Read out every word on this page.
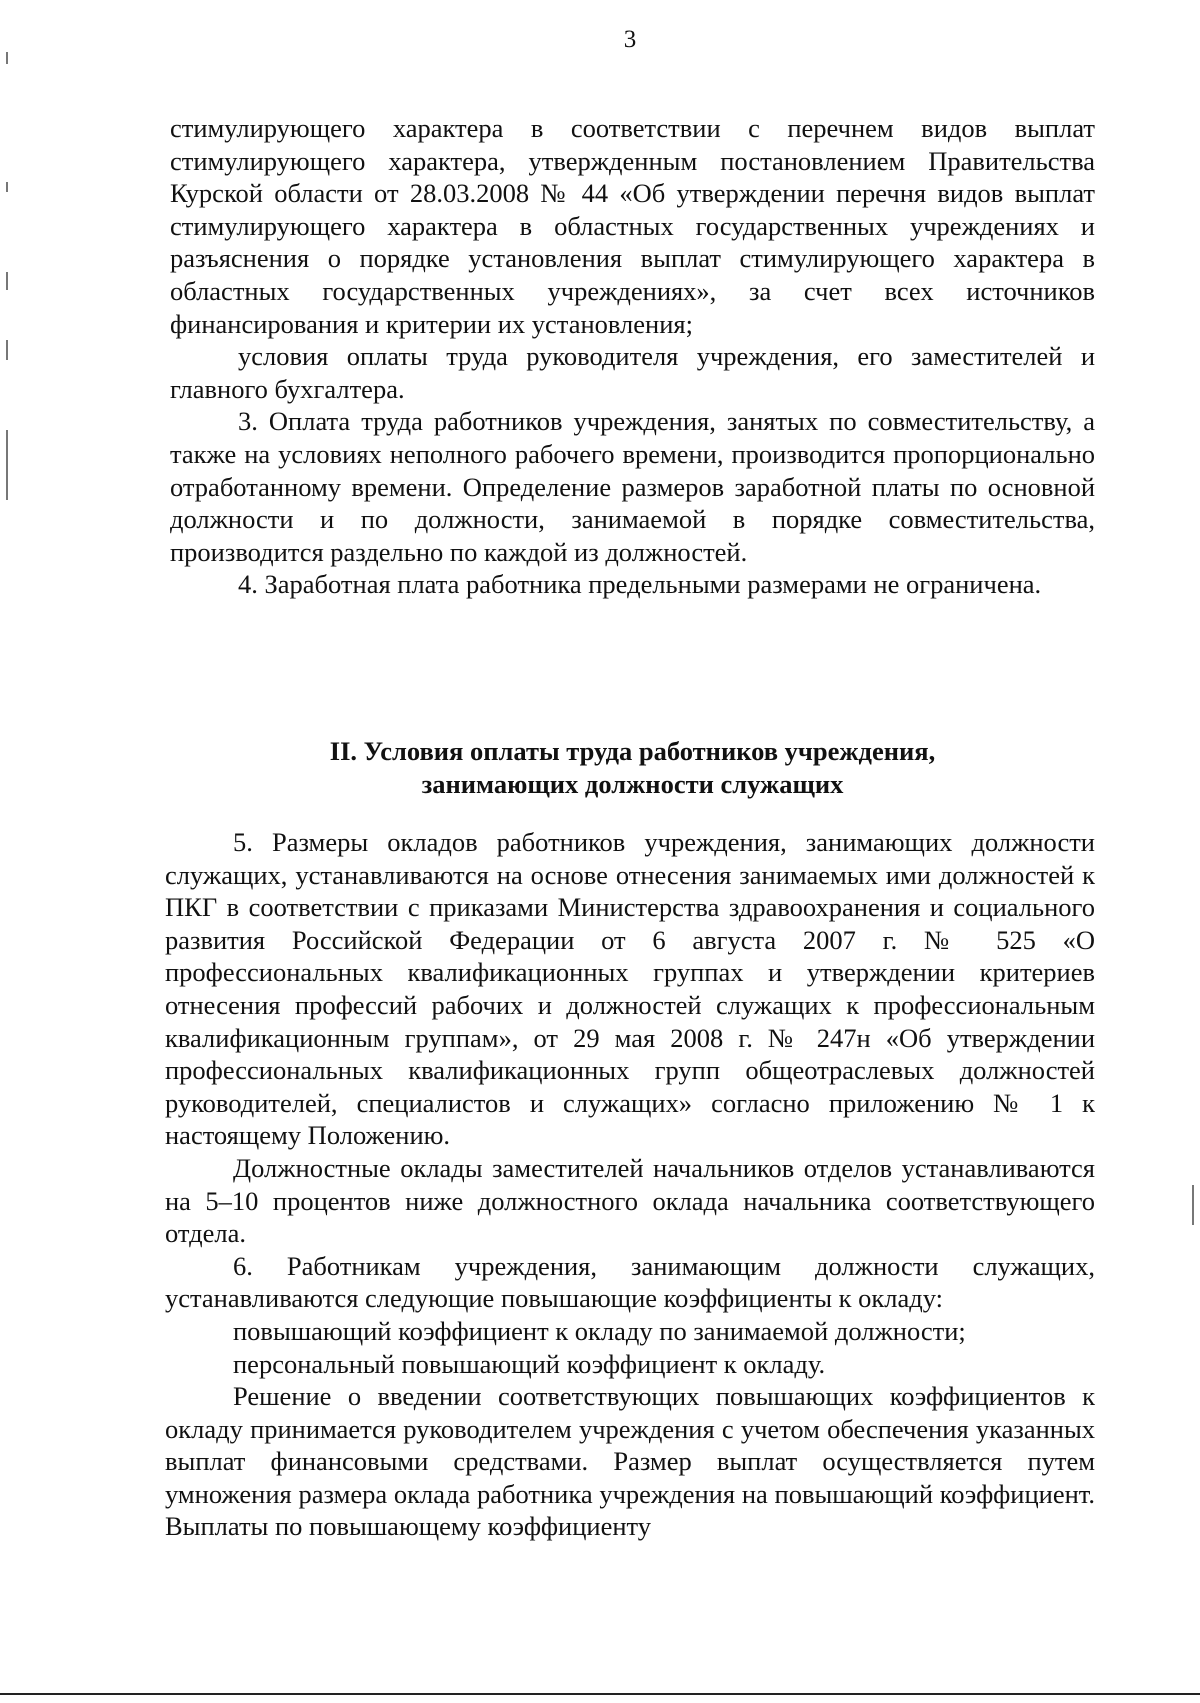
3

стимулирующего характера в соответствии с перечнем видов выплат стимулирующего характера, утвержденным постановлением Правительства Курской области от 28.03.2008 № 44 «Об утверждении перечня видов выплат стимулирующего характера в областных государственных учреждениях и разъяснения о порядке установления выплат стимулирующего характера в областных государственных учреждениях», за счет всех источников финансирования и критерии их установления;

условия оплаты труда руководителя учреждения, его заместителей и главного бухгалтера.

3. Оплата труда работников учреждения, занятых по совместительству, а также на условиях неполного рабочего времени, производится пропорционально отработанному времени. Определение размеров заработной платы по основной должности и по должности, занимаемой в порядке совместительства, производится раздельно по каждой из должностей.

4. Заработная плата работника предельными размерами не ограничена.

II. Условия оплаты труда работников учреждения,
занимающих должности служащих

5. Размеры окладов работников учреждения, занимающих должности служащих, устанавливаются на основе отнесения занимаемых ими должностей к ПКГ в соответствии с приказами Министерства здравоохранения и социального развития Российской Федерации от 6 августа 2007 г. № 525 «О профессиональных квалификационных группах и утверждении критериев отнесения профессий рабочих и должностей служащих к профессиональным квалификационным группам», от 29 мая 2008 г. № 247н «Об утверждении профессиональных квалификационных групп общеотраслевых должностей руководителей, специалистов и служащих» согласно приложению № 1 к настоящему Положению.

Должностные оклады заместителей начальников отделов устанавливаются на 5–10 процентов ниже должностного оклада начальника соответствующего отдела.

6. Работникам учреждения, занимающим должности служащих, устанавливаются следующие повышающие коэффициенты к окладу:

повышающий коэффициент к окладу по занимаемой должности;

персональный повышающий коэффициент к окладу.

Решение о введении соответствующих повышающих коэффициентов к окладу принимается руководителем учреждения с учетом обеспечения указанных выплат финансовыми средствами. Размер выплат осуществляется путем умножения размера оклада работника учреждения на повышающий коэффициент. Выплаты по повышающему коэффициенту
